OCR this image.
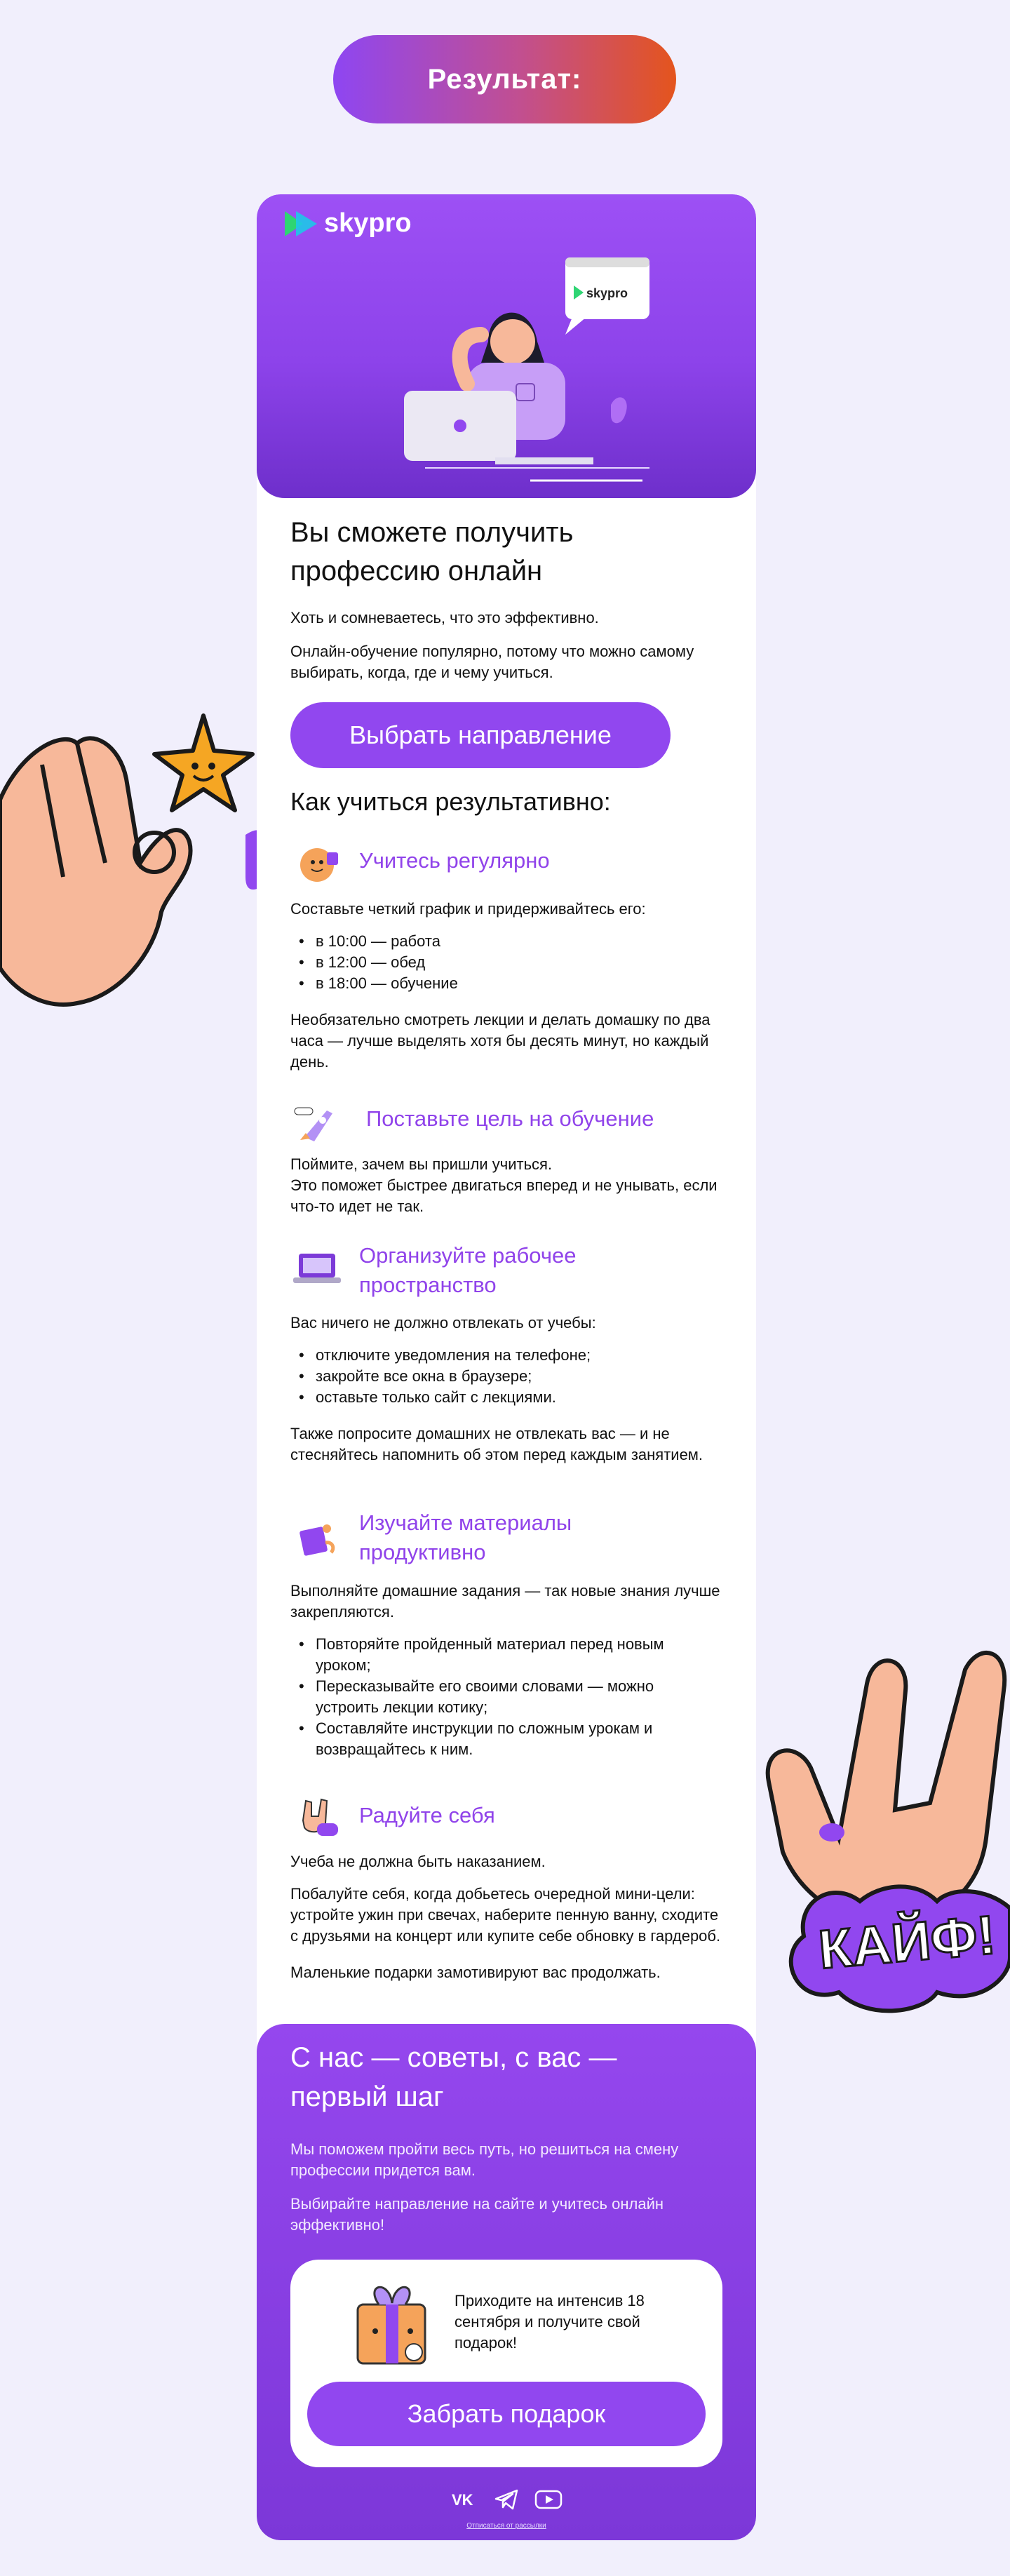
Результат:
КАЙФ!
skypro
skypro
Вы сможете получить профессию онлайн

Хоть и сомневаетесь, что это эффективно.

Онлайн-обучение популярно, потому что можно самому выбирать, когда, где и чему учиться.

Выбрать направление
Как учиться результативно:
Учитесь регулярно

Составьте четкий график и придерживайтесь его:

• в 10:00 — работа
• в 12:00 — обед
• в 18:00 — обучение

Необязательно смотреть лекции и делать домашку по два часа — лучше выделять хотя бы десять минут, но каждый день.

Поставьте цель на обучение

Поймите, зачем вы пришли учиться.

Это поможет быстрее двигаться вперед и не унывать, если что-то идет не так.

Организуйте рабочее пространство

Вас ничего не должно отвлекать от учебы:

• отключите уведомления на телефоне;
• закройте все окна в браузере;
• оставьте только сайт с лекциями.

Также попросите домашних не отвлекать вас — и не стесняйтесь напомнить об этом перед каждым занятием.

Изучайте материалы продуктивно

Выполняйте домашние задания — так новые знания лучше закрепляются.

• Повторяйте пройденный материал перед новым уроком;
• Пересказывайте его своими словами — можно устроить лекции котику;
• Составляйте инструкции по сложным урокам и возвращайтесь к ним.
Радуйте себя

Учеба не должна быть наказанием.

Побалуйте себя, когда добьетесь очередной мини-цели: устройте ужин при свечах, наберите пенную ванну, сходите с друзьями на концерт или купите себе обновку в гардероб.

Маленькие подарки замотивируют вас продолжать.

С нас — советы, с вас — первый шаг

Мы поможем пройти весь путь, но решиться на смену профессии придется вам.

Выбирайте направление на сайте и учитесь онлайн эффективно!

Приходите на интенсив 18 сентября и получите свой подарок!

Забрать подарок
VK
Отписаться от рассылки
